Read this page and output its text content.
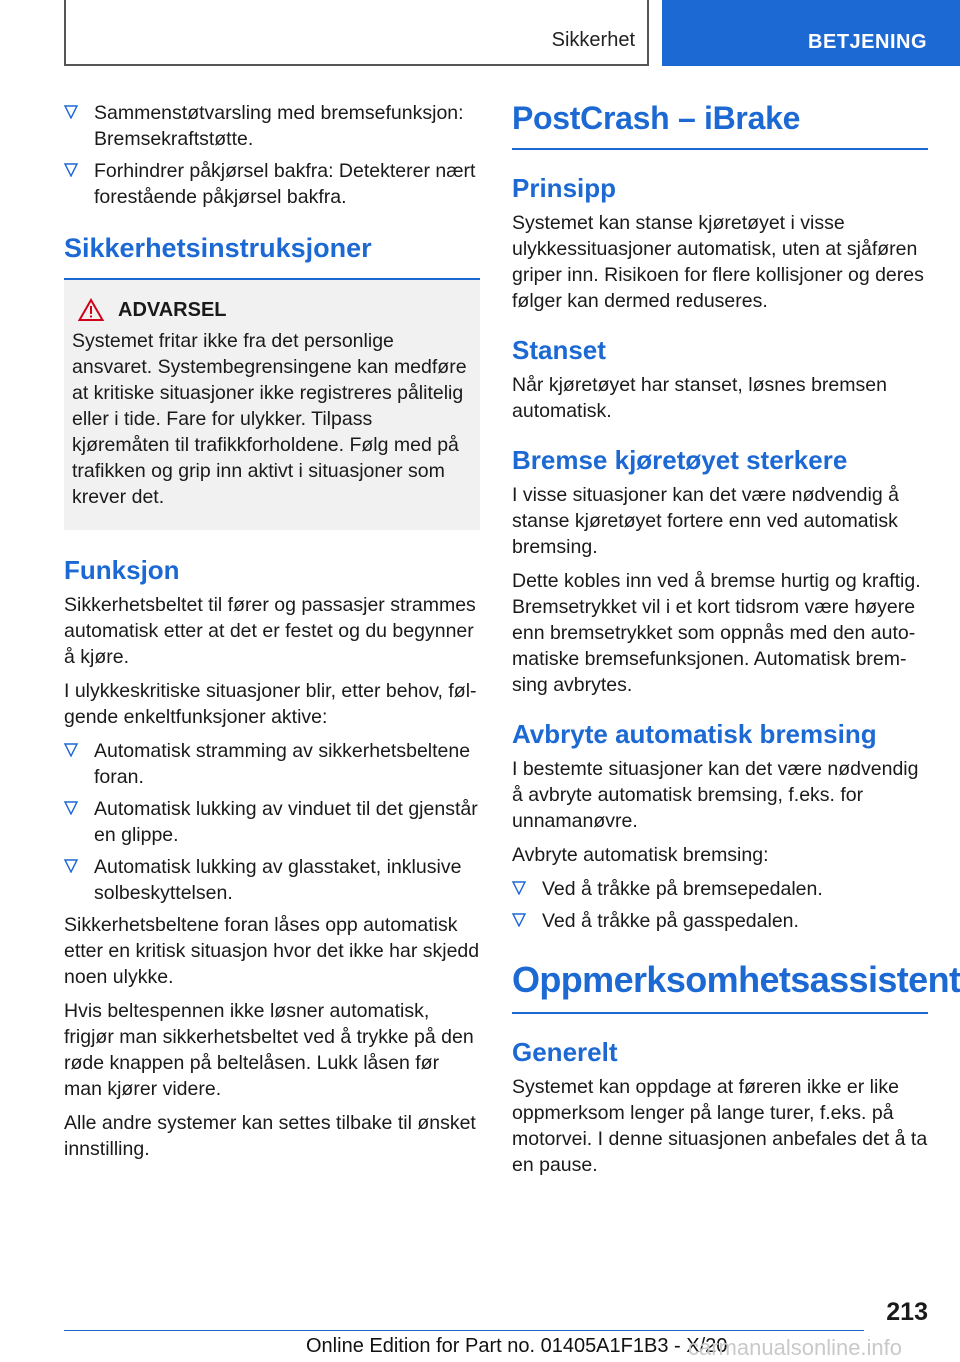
Sikkerhet	BETJENING
Sammenstøtvarsling med bremsefunksjon: Bremsekraftstøtte.
Forhindrer påkjørsel bakfra: Detekterer nært forestående påkjørsel bakfra.
Sikkerhetsinstruksjoner
ADVARSEL

Systemet fritar ikke fra det personlige ansvaret. Systembegrensingene kan medføre at kritiske situasjoner ikke registreres pålitelig eller i tide. Fare for ulykker. Tilpass kjøremåten til trafikkforholdene. Følg med på trafikken og grip inn aktivt i situasjoner som krever det.

Funksjon

Sikkerhetsbeltet til fører og passasjer strammes automatisk etter at det er festet og du begynner å kjøre.

I ulykkeskritiske situasjoner blir, etter behov, følgende enkeltfunksjoner aktive:

Automatisk stramming av sikkerhetsbeltene foran.
Automatisk lukking av vinduet til det gjenstår en glippe.
Automatisk lukking av glasstaket, inklusive solbeskyttelsen.

Sikkerhetsbeltene foran låses opp automatisk etter en kritisk situasjon hvor det ikke har skjedd noen ulykke.

Hvis beltespennen ikke løsner automatisk, frigjør man sikkerhetsbeltet ved å trykke på den røde knappen på beltelåsen. Lukk låsen før man kjører videre.

Alle andre systemer kan settes tilbake til ønsket innstilling.

PostCrash – iBrake
Prinsipp

Systemet kan stanse kjøretøyet i visse ulykkessituasjoner automatisk, uten at sjåføren griper inn. Risikoen for flere kollisjoner og deres følger kan dermed reduseres.

Stanset

Når kjøretøyet har stanset, løsnes bremsen automatisk.

Bremse kjøretøyet sterkere

I visse situasjoner kan det være nødvendig å stanse kjøretøyet fortere enn ved automatisk bremsing.

Dette kobles inn ved å bremse hurtig og kraftig. Bremsetrykket vil i et kort tidsrom være høyere enn bremsetrykket som oppnås med den automatiske bremsefunksjonen. Automatisk bremsing avbrytes.

Avbryte automatisk bremsing

I bestemte situasjoner kan det være nødvendig å avbryte automatisk bremsing, f.eks. for unnamanøvre.

Avbryte automatisk bremsing:

Ved å tråkke på bremsepedalen.
Ved å tråkke på gasspedalen.
Oppmerksomhetsassistent
Generelt

Systemet kan oppdage at føreren ikke er like oppmerksom lenger på lange turer, f.eks. på motorvei. I denne situasjonen anbefales det å ta en pause.

213
Online Edition for Part no. 01405A1F1B3 - X/20
carmanualsonline.info
